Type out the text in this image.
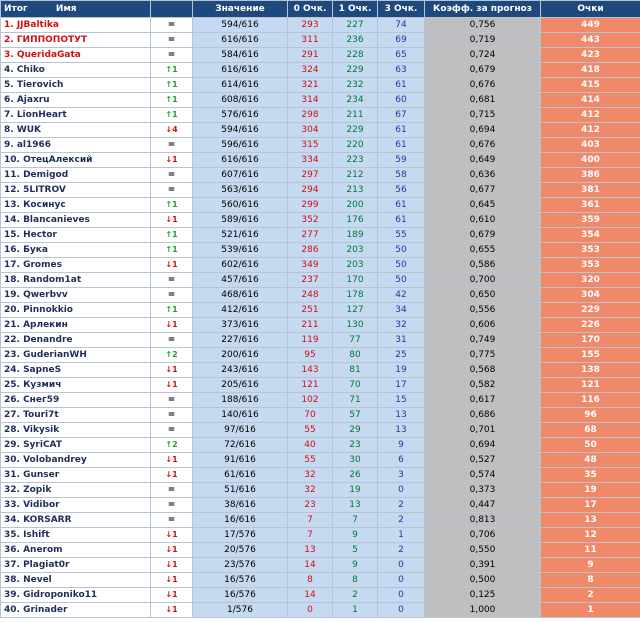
Итог Имя		Значение	0 Очк.	1 Очк.	3 Очк.	Коэфф. за прогноз	Очки
1. JJBaltika	=	594/616	293	227	74	0,756	449
2. ГИППОПОТУТ	=	616/616	311	236	69	0,719	443
3. QueridaGata	=	584/616	291	228	65	0,724	423
4. Chiko	↑1	616/616	324	229	63	0,679	418
5. Tierovich	↑1	614/616	321	232	61	0,676	415
6. Ajaxru	↑1	608/616	314	234	60	0,681	414
7. LionHeart	↑1	576/616	298	211	67	0,715	412
8. WUK	↓4	594/616	304	229	61	0,694	412
9. al1966	=	596/616	315	220	61	0,676	403
10. ОтецАлексий	↓1	616/616	334	223	59	0,649	400
11. Demigod	=	607/616	297	212	58	0,636	386
12. 5LITROV	=	563/616	294	213	56	0,677	381
13. Косинус	↑1	560/616	299	200	61	0,645	361
14. Blancanieves	↓1	589/616	352	176	61	0,610	359
15. Hector	↑1	521/616	277	189	55	0,679	354
16. Бука	↑1	539/616	286	203	50	0,655	353
17. Gromes	↓1	602/616	349	203	50	0,586	353
18. Random1at	=	457/616	237	170	50	0,700	320
19. Qwerbvv	=	468/616	248	178	42	0,650	304
20. Pinnokkio	↑1	412/616	251	127	34	0,556	229
21. Арлекин	↓1	373/616	211	130	32	0,606	226
22. Denandre	=	227/616	119	77	31	0,749	170
23. GuderianWH	↑2	200/616	95	80	25	0,775	155
24. SapneS	↓1	243/616	143	81	19	0,568	138
25. Кузмич	↓1	205/616	121	70	17	0,582	121
26. Снег59	=	188/616	102	71	15	0,617	116
27. Touri7t	=	140/616	70	57	13	0,686	96
28. Vikysik	=	97/616	55	29	13	0,701	68
29. SyriCAT	↑2	72/616	40	23	9	0,694	50
30. Volobandrey	↓1	91/616	55	30	6	0,527	48
31. Gunser	↓1	61/616	32	26	3	0,574	35
32. Zopik	=	51/616	32	19	0	0,373	19
33. Vidibor	=	38/616	23	13	2	0,447	17
34. KORSARR	=	16/616	7	7	2	0,813	13
35. Ishift	↓1	17/576	7	9	1	0,706	12
36. Anerom	↓1	20/576	13	5	2	0,550	11
37. Plagiat0r	↓1	23/576	14	9	0	0,391	9
38. Nevel	↓1	16/576	8	8	0	0,500	8
39. Gidroponiko11	↓1	16/576	14	2	0	0,125	2
40. Grinader	↓1	1/576	0	1	0	1,000	1
